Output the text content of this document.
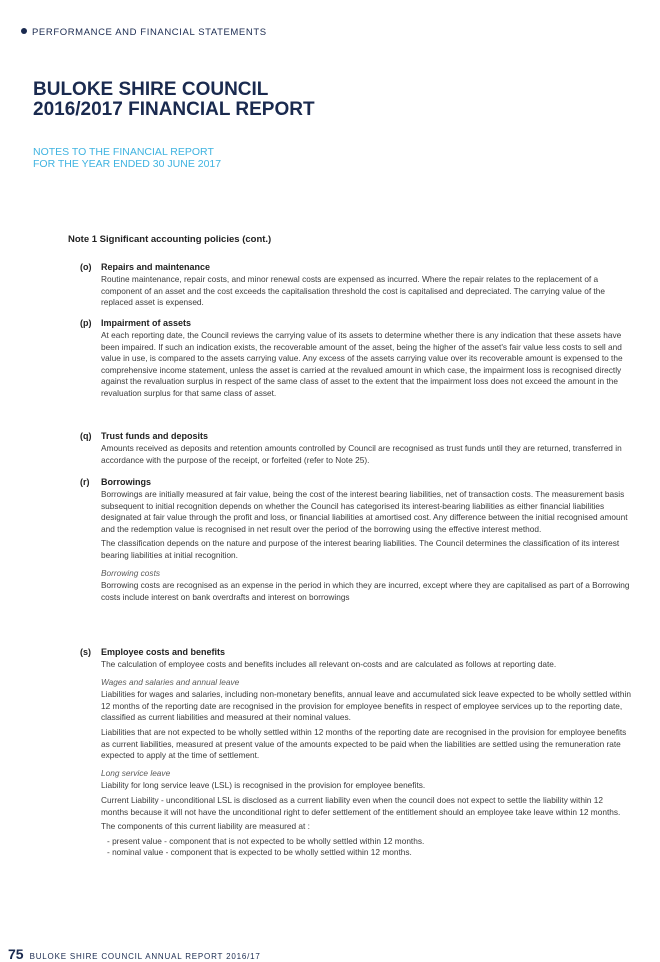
PERFORMANCE AND FINANCIAL STATEMENTS
BULOKE SHIRE COUNCIL
2016/2017 FINANCIAL REPORT
NOTES TO THE FINANCIAL REPORT
FOR THE YEAR ENDED 30 JUNE 2017
Note 1 Significant accounting policies (cont.)
(o) Repairs and maintenance

Routine maintenance, repair costs, and minor renewal costs are expensed as incurred. Where the repair relates to the replacement of a component of an asset and the cost exceeds the capitalisation threshold the cost is capitalised and depreciated. The carrying value of the replaced asset is expensed.

(p) Impairment of assets

At each reporting date, the Council reviews the carrying value of its assets to determine whether there is any indication that these assets have been impaired. If such an indication exists, the recoverable amount of the asset, being the higher of the asset's fair value less costs to sell and value in use, is compared to the assets carrying value. Any excess of the assets carrying value over its recoverable amount is expensed to the comprehensive income statement, unless the asset is carried at the revalued amount in which case, the impairment loss is recognised directly against the revaluation surplus in respect of the same class of asset to the extent that the impairment loss does not exceed the amount in the revaluation surplus for that same class of asset.

(q) Trust funds and deposits

Amounts received as deposits and retention amounts controlled by Council are recognised as trust funds until they are returned, transferred in accordance with the purpose of the receipt, or forfeited (refer to Note 25).

(r) Borrowings

Borrowings are initially measured at fair value, being the cost of the interest bearing liabilities, net of transaction costs. The measurement basis subsequent to initial recognition depends on whether the Council has categorised its interest-bearing liabilities as either financial liabilities designated at fair value through the profit and loss, or financial liabilities at amortised cost. Any difference between the initial recognised amount and the redemption value is recognised in net result over the period of the borrowing using the effective interest method.

The classification depends on the nature and purpose of the interest bearing liabilities. The Council determines the classification of its interest bearing liabilities at initial recognition.

Borrowing costs

Borrowing costs are recognised as an expense in the period in which they are incurred, except where they are capitalised as part of a Borrowing costs include interest on bank overdrafts and interest on borrowings

(s) Employee costs and benefits

The calculation of employee costs and benefits includes all relevant on-costs and are calculated as follows at reporting date.

Wages and salaries and annual leave

Liabilities for wages and salaries, including non-monetary benefits, annual leave and accumulated sick leave expected to be wholly settled within 12 months of the reporting date are recognised in the provision for employee benefits in respect of employee services up to the reporting date, classified as current liabilities and measured at their nominal values.

Liabilities that are not expected to be wholly settled within 12 months of the reporting date are recognised in the provision for employee benefits as current liabilities, measured at present value of the amounts expected to be paid when the liabilities are settled using the remuneration rate expected to apply at the time of settlement.

Long service leave

Liability for long service leave (LSL) is recognised in the provision for employee benefits.

Current Liability - unconditional LSL is disclosed as a current liability even when the council does not expect to settle the liability within 12 months because it will not have the unconditional right to defer settlement of the entitlement should an employee take leave within 12 months.

The components of this current liability are measured at :

- present value - component that is not expected to be wholly settled within 12 months.
- nominal value - component that is expected to be wholly settled within 12 months.
75 BULOKE SHIRE COUNCIL ANNUAL REPORT 2016/17
